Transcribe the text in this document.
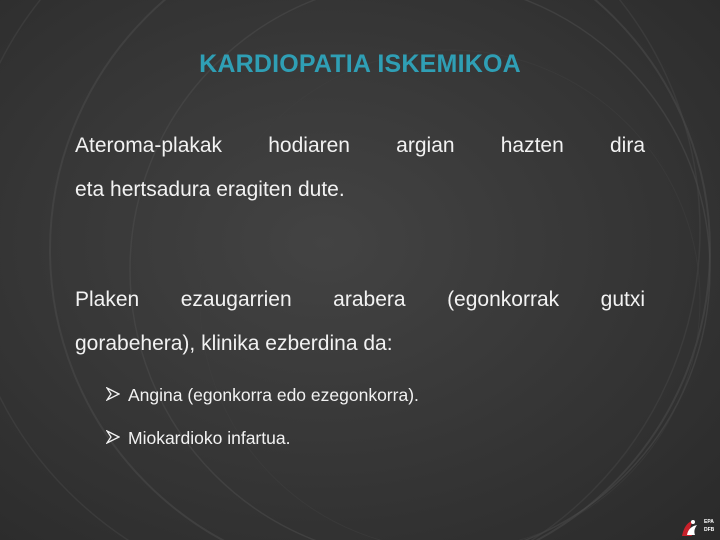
KARDIOPATIA ISKEMIKOA
Ateroma-plakak hodiaren argian hazten dira
eta hertsadura eragiten dute.
Plaken ezaugarrien arabera (egonkorrak gutxi
gorabehera), klinika ezberdina da:
Angina (egonkorra edo ezegonkorra).
Miokardioko infartua.
EPA
DFB
